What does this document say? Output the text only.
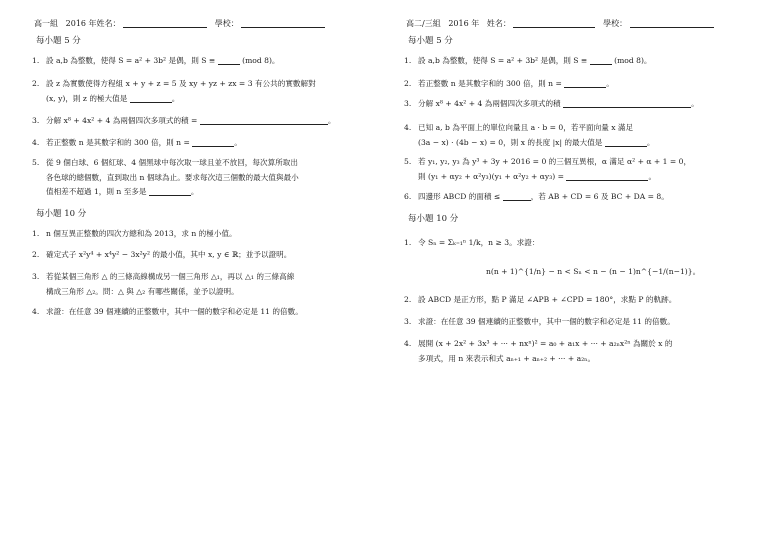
高一組 2016 年姓名：	學校：
每小題 5 分
1. 設 a,b 為整數，使得 S = a² + 3b² 是偶，則 S ≡	(mod 8)。
2. 設 z 為實數使得方程組 x + y + z = 5 及 xy + yz + zx = 3 有公共的實數解對
(x, y)，則 z 的極大值是	。
3. 分解 x⁸ + 4x² + 4 為兩個四次多項式的積 =	。
4. 若正整數 n 是其數字和的 300 倍，則 n =	。
5. 從 9 個白球、6 個紅球、4 個黑球中每次取一球且並不放回，每次算所取出
各色球的總個數，直到取出 n 個球為止。要求每次這三個數的最大值與最小
值相差不超過 1，則 n 至多是	。
每小題 10 分
1. n 個互異正整數的四次方總和為 2013，求 n 的極小值。
2. 確定式子 x²y⁴ + x⁴y² − 3x²y² 的最小值，其中 x, y ∈ ℝ；並予以證明。
3. 若從某個三角形 △ 的三條高線構成另一個三角形 △₁，再以 △₁ 的三條高線
構成三角形 △₂。問：△ 與 △₂ 有哪些關係，並予以證明。
4. 求證：在任意 39 個連續的正整數中，其中一個的數字和必定是 11 的倍數。
高二/三組 2016 年 姓名：	學校：
每小題 5 分
1. 設 a,b 為整數，使得 S = a² + 3b² 是偶，則 S ≡	(mod 8)。
2. 若正整數 n 是其數字和的 300 倍，則 n =	。
3. 分解 x⁸ + 4x² + 4 為兩個四次多項式的積	。
4. 已知 a, b 為平面上的單位向量且 a · b = 0，若平面向量 x 滿足
(3a − x) · (4b − x) = 0，則 x 的長度 |x| 的最大值是	。
5. 若 y₁, y₂, y₃ 為 y³ + 3y + 2016 = 0 的三個互異根，α 滿足 α² + α + 1 = 0，
則 (y₁ + αy₂ + α²y₃)(y₁ + α²y₂ + αy₃) =	。
6. 四邊形 ABCD 的面積 ≤	，若 AB + CD = 6 及 BC + DA = 8。
每小題 10 分
1. 令 Sₙ = Σₖ₌₁ⁿ 1/k，n ≥ 3。求證：
n(n + 1)^{1/n} − n < Sₙ < n − (n − 1)n^{−1/(n−1)}。
2. 設 ABCD 是正方形，點 P 滿足 ∠APB + ∠CPD = 180°，求點 P 的軌跡。
3. 求證：在任意 39 個連續的正整數中，其中一個的數字和必定是 11 的倍數。
4. 展開 (x + 2x² + 3x³ + ··· + nxⁿ)² = a₀ + a₁x + ··· + a₂ₙx²ⁿ 為關於 x 的
多項式，用 n 來表示和式 aₙ₊₁ + aₙ₊₂ + ··· + a₂ₙ。
